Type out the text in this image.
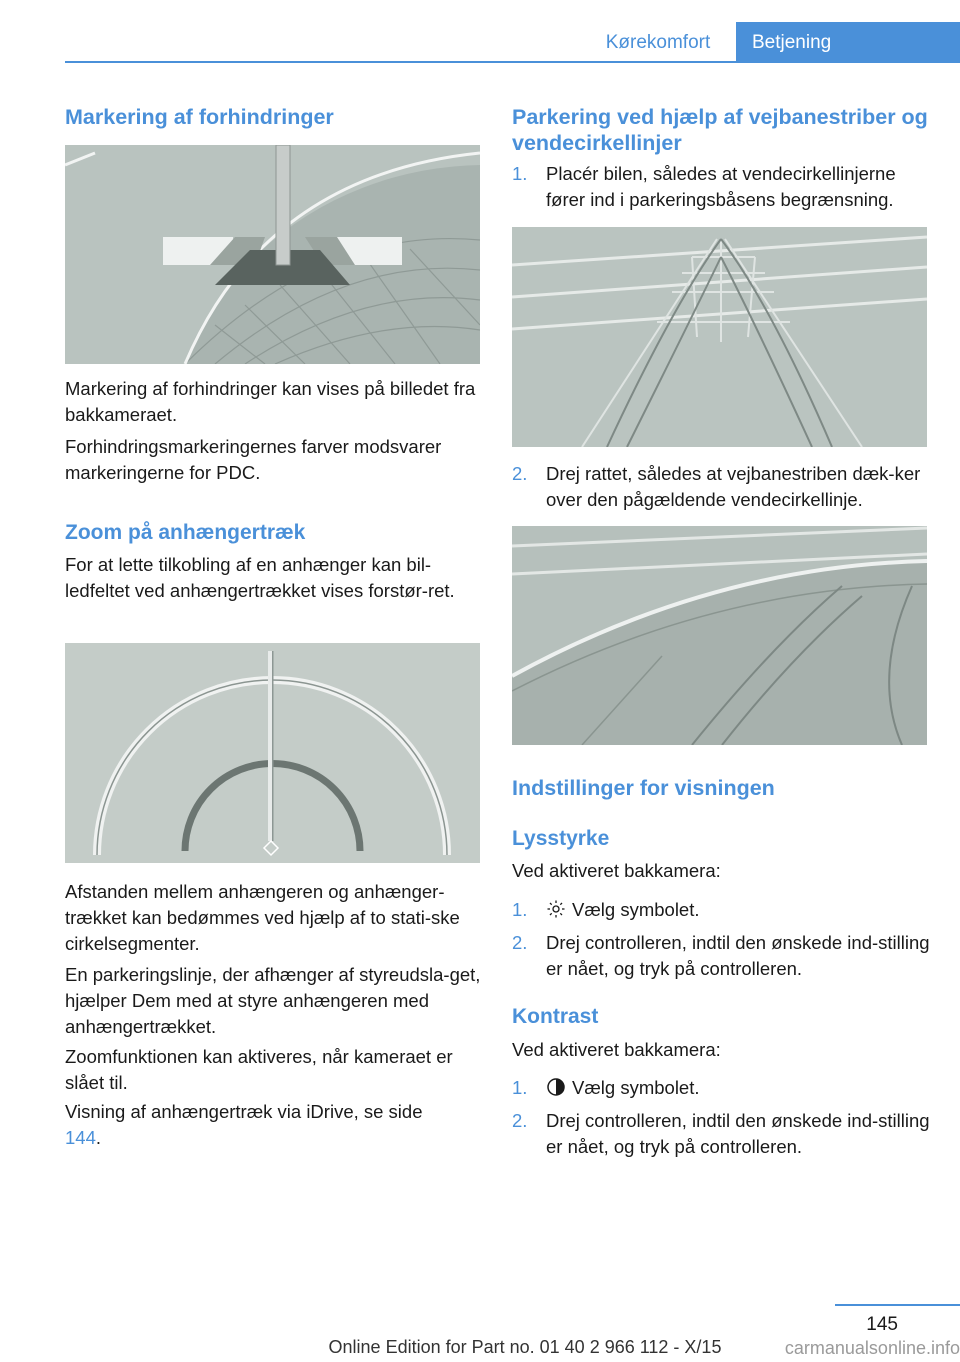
Kørekomfort	Betjening

Markering af forhindringer

Markering af forhindringer kan vises på billedet fra bakkameraet.

Forhindringsmarkeringernes farver modsvarer markeringerne for PDC.

Zoom på anhængertræk

For at lette tilkobling af en anhænger kan bil-ledfeltet ved anhængertrækket vises forstør-ret.

Afstanden mellem anhængeren og anhænger-trækket kan bedømmes ved hjælp af to stati-ske cirkelsegmenter.

En parkeringslinje, der afhænger af styreudsla-get, hjælper Dem med at styre anhængeren med anhængertrækket.

Zoomfunktionen kan aktiveres, når kameraet er slået til.

Visning af anhængertræk via iDrive, se side 144.

Parkering ved hjælp af vejbanestriber og vendecirkellinjer

1. Placér bilen, således at vendecirkellinjerne fører ind i parkeringsbåsens begrænsning.
2. Drej rattet, således at vejbanestriben dæk-ker over den pågældende vendecirkellinje.

Indstillinger for visningen

Lysstyrke

Ved aktiveret bakkamera:

1.	Vælg symbolet.
2. Drej controlleren, indtil den ønskede ind-stilling er nået, og tryk på controlleren.

Kontrast

Ved aktiveret bakkamera:

1.	Vælg symbolet.
2. Drej controlleren, indtil den ønskede ind-stilling er nået, og tryk på controlleren.
145
Online Edition for Part no. 01 40 2 966 112 - X/15	carmanualsonline.info
